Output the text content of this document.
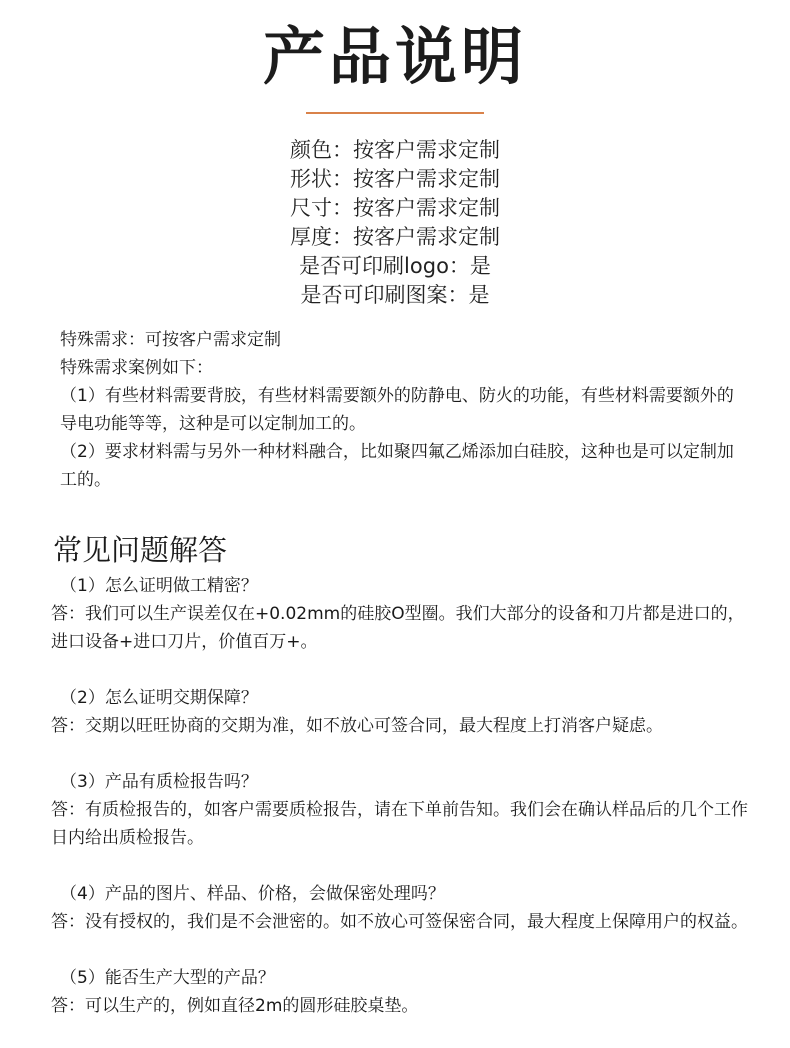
产品说明
颜色：按客户需求定制
形状：按客户需求定制
尺寸：按客户需求定制
厚度：按客户需求定制
是否可印刷logo：是
是否可印刷图案：是

特殊需求：可按客户需求定制

特殊需求案例如下：

（1）有些材料需要背胶，有些材料需要额外的防静电、防火的功能，有些材料需要额外的导电功能等等，这种是可以定制加工的。

（2）要求材料需与另外一种材料融合，比如聚四氟乙烯添加白硅胶，这种也是可以定制加工的。

常见问题解答
（1）怎么证明做工精密？

答：我们可以生产误差仅在+0.02mm的硅胶O型圈。我们大部分的设备和刀片都是进口的，进口设备+进口刀片，价值百万+。

（2）怎么证明交期保障？

答：交期以旺旺协商的交期为准，如不放心可签合同，最大程度上打消客户疑虑。

（3）产品有质检报告吗？

答：有质检报告的，如客户需要质检报告，请在下单前告知。我们会在确认样品后的几个工作日内给出质检报告。

（4）产品的图片、样品、价格，会做保密处理吗？

答：没有授权的，我们是不会泄密的。如不放心可签保密合同，最大程度上保障用户的权益。

（5）能否生产大型的产品？

答：可以生产的，例如直径2m的圆形硅胶桌垫。
